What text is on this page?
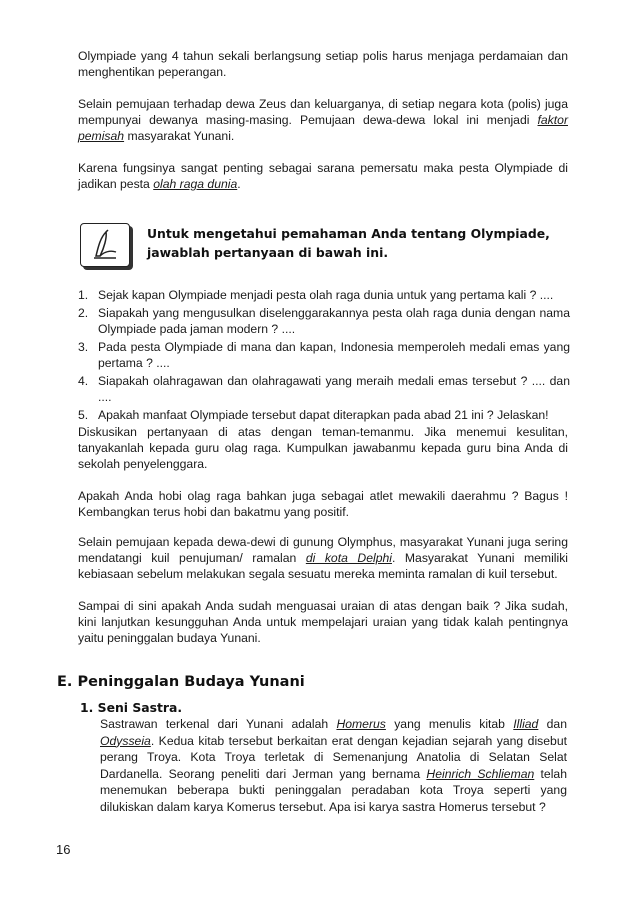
Olympiade yang 4 tahun sekali berlangsung setiap polis harus menjaga perdamaian dan menghentikan peperangan.

Selain pemujaan terhadap dewa Zeus dan keluarganya, di setiap negara kota (polis) juga mempunyai dewanya masing-masing. Pemujaan dewa-dewa lokal ini menjadi faktor pemisah masyarakat Yunani.

Karena fungsinya sangat penting sebagai sarana pemersatu maka pesta Olympiade di jadikan pesta olah raga dunia.

Untuk mengetahui pemahaman Anda tentang Olympiade, jawablah pertanyaan di bawah ini.

1. Sejak kapan Olympiade menjadi pesta olah raga dunia untuk yang pertama kali ? ....
2. Siapakah yang mengusulkan diselenggarakannya pesta olah raga dunia dengan nama Olympiade pada jaman modern ? ....
3. Pada pesta Olympiade di mana dan kapan, Indonesia memperoleh medali emas yang pertama ? ....
4. Siapakah olahragawan dan olahragawati yang meraih medali emas tersebut ? .... dan ....
5. Apakah manfaat Olympiade tersebut dapat diterapkan pada abad 21 ini ? Jelaskan!

Diskusikan pertanyaan di atas dengan teman-temanmu. Jika menemui kesulitan, tanyakanlah kepada guru olag raga. Kumpulkan jawabanmu kepada guru bina Anda di sekolah penyelenggara.

Apakah Anda hobi olag raga bahkan juga sebagai atlet mewakili daerahmu ? Bagus ! Kembangkan terus hobi dan bakatmu yang positif.

Selain pemujaan kepada dewa-dewi di gunung Olymphus, masyarakat Yunani juga sering mendatangi kuil penujuman/ ramalan di kota Delphi. Masyarakat Yunani memiliki kebiasaan sebelum melakukan segala sesuatu mereka meminta ramalan di kuil tersebut.

Sampai di sini apakah Anda sudah menguasai uraian di atas dengan baik ? Jika sudah, kini lanjutkan kesungguhan Anda untuk mempelajari uraian yang tidak kalah pentingnya yaitu peninggalan budaya Yunani.

E. Peninggalan Budaya Yunani
1. Seni Sastra.

Sastrawan terkenal dari Yunani adalah Homerus yang menulis kitab Illiad dan Odysseia. Kedua kitab tersebut berkaitan erat dengan kejadian sejarah yang disebut perang Troya. Kota Troya terletak di Semenanjung Anatolia di Selatan Selat Dardanella. Seorang peneliti dari Jerman yang bernama Heinrich Schlieman telah menemukan beberapa bukti peninggalan peradaban kota Troya seperti yang dilukiskan dalam karya Komerus tersebut. Apa isi karya sastra Homerus tersebut ?

16
